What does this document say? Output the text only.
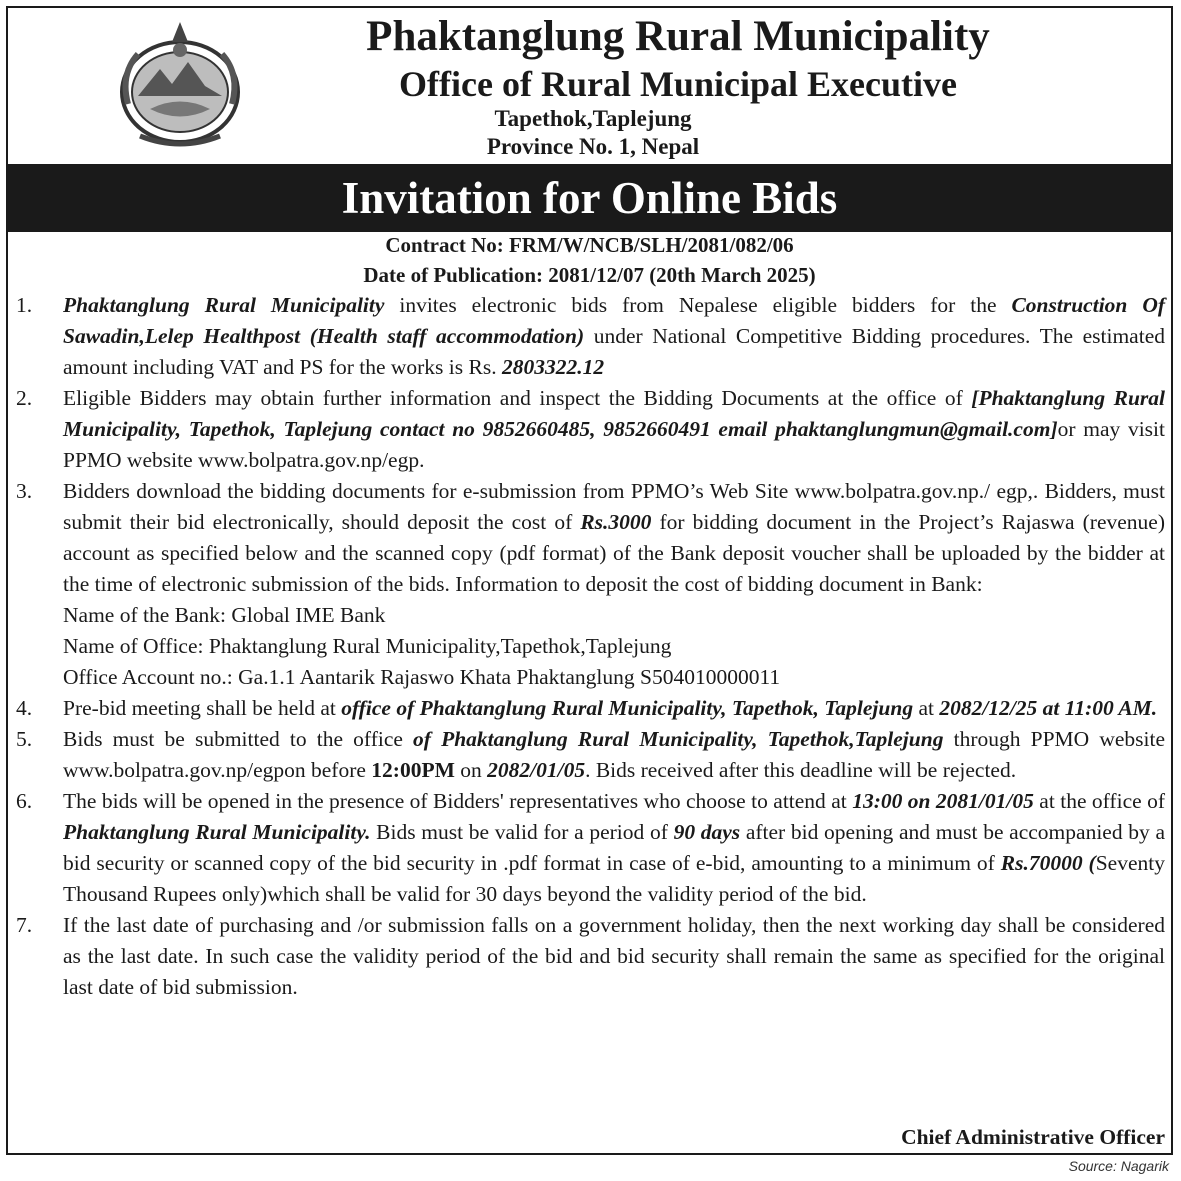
Phaktanglung Rural Municipality
Office of Rural Municipal Executive
Tapethok,Taplejung
Province No. 1, Nepal
Invitation for Online Bids
Contract No: FRM/W/NCB/SLH/2081/082/06
Date of Publication: 2081/12/07 (20th March 2025)
1. Phaktanglung Rural Municipality invites electronic bids from Nepalese eligible bidders for the Construction Of Sawadin,Lelep Healthpost (Health staff accommodation) under National Competitive Bidding procedures. The estimated amount including VAT and PS for the works is Rs. 2803322.12
2. Eligible Bidders may obtain further information and inspect the Bidding Documents at the office of [Phaktanglung Rural Municipality, Tapethok, Taplejung contact no 9852660485, 9852660491 email phaktanglungmun@gmail.com]or may visit PPMO website www.bolpatra.gov.np/egp.
3. Bidders download the bidding documents for e-submission from PPMO’s Web Site www.bolpatra.gov.np./ egp,. Bidders, must submit their bid electronically, should deposit the cost of Rs.3000 for bidding document in the Project’s Rajaswa (revenue) account as specified below and the scanned copy (pdf format) of the Bank deposit voucher shall be uploaded by the bidder at the time of electronic submission of the bids. Information to deposit the cost of bidding document in Bank:
Name of the Bank: Global IME Bank
Name of Office: Phaktanglung Rural Municipality,Tapethok,Taplejung
Office Account no.: Ga.1.1 Aantarik Rajaswo Khata Phaktanglung S504010000011
4. Pre-bid meeting shall be held at office of Phaktanglung Rural Municipality, Tapethok, Taplejung at 2082/12/25 at 11:00 AM.
5. Bids must be submitted to the office of Phaktanglung Rural Municipality, Tapethok,Taplejung through PPMO website www.bolpatra.gov.np/egpon before 12:00PM on 2082/01/05. Bids received after this deadline will be rejected.
6. The bids will be opened in the presence of Bidders' representatives who choose to attend at 13:00 on 2081/01/05 at the office of Phaktanglung Rural Municipality. Bids must be valid for a period of 90 days after bid opening and must be accompanied by a bid security or scanned copy of the bid security in .pdf format in case of e-bid, amounting to a minimum of Rs.70000 (Seventy Thousand Rupees only)which shall be valid for 30 days beyond the validity period of the bid.
7. If the last date of purchasing and /or submission falls on a government holiday, then the next working day shall be considered as the last date. In such case the validity period of the bid and bid security shall remain the same as specified for the original last date of bid submission.
Chief Administrative Officer
Source: Nagarik
